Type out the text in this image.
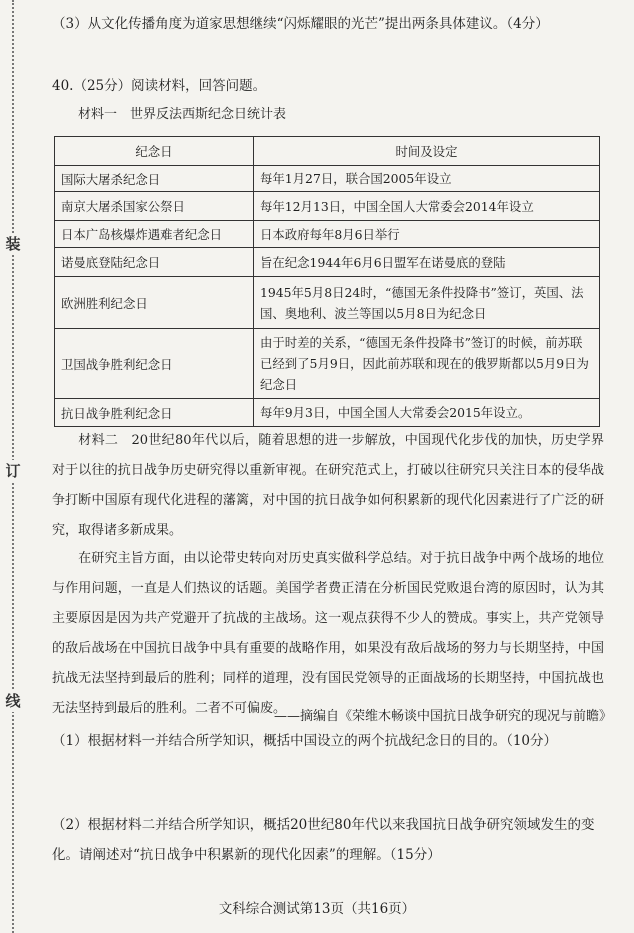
装
订
线
（3）从文化传播角度为道家思想继续“闪烁耀眼的光芒”提出两条具体建议。（4分）
40.（25分）阅读材料，回答问题。
材料一　世界反法西斯纪念日统计表
纪念日	时间及设定
国际大屠杀纪念日	每年1月27日，联合国2005年设立
南京大屠杀国家公祭日	每年12月13日，中国全国人大常委会2014年设立
日本广岛核爆炸遇难者纪念日	日本政府每年8月6日举行
诺曼底登陆纪念日	旨在纪念1944年6月6日盟军在诺曼底的登陆
欧洲胜利纪念日	1945年5月8日24时，“德国无条件投降书”签订，英国、法国、奥地利、波兰等国以5月8日为纪念日
卫国战争胜利纪念日	由于时差的关系，“德国无条件投降书”签订的时候，前苏联已经到了5月9日，因此前苏联和现在的俄罗斯都以5月9日为纪念日
抗日战争胜利纪念日	每年9月3日，中国全国人大常委会2015年设立。
材料二　20世纪80年代以后，随着思想的进一步解放，中国现代化步伐的加快，历史学界对于以往的抗日战争历史研究得以重新审视。在研究范式上，打破以往研究只关注日本的侵华战争打断中国原有现代化进程的藩篱，对中国的抗日战争如何积累新的现代化因素进行了广泛的研究，取得诸多新成果。
在研究主旨方面，由以论带史转向对历史真实做科学总结。对于抗日战争中两个战场的地位与作用问题，一直是人们热议的话题。美国学者费正清在分析国民党败退台湾的原因时，认为其主要原因是因为共产党避开了抗战的主战场。这一观点获得不少人的赞成。事实上，共产党领导的敌后战场在中国抗日战争中具有重要的战略作用，如果没有敌后战场的努力与长期坚持，中国抗战无法坚持到最后的胜利；同样的道理，没有国民党领导的正面战场的长期坚持，中国抗战也无法坚持到最后的胜利。二者不可偏废。
——摘编自《荣维木畅谈中国抗日战争研究的现况与前瞻》
（1）根据材料一并结合所学知识，概括中国设立的两个抗战纪念日的目的。（10分）
（2）根据材料二并结合所学知识，概括20世纪80年代以来我国抗日战争研究领域发生的变化。请阐述对“抗日战争中积累新的现代化因素”的理解。（15分）
文科综合测试第13页（共16页）
